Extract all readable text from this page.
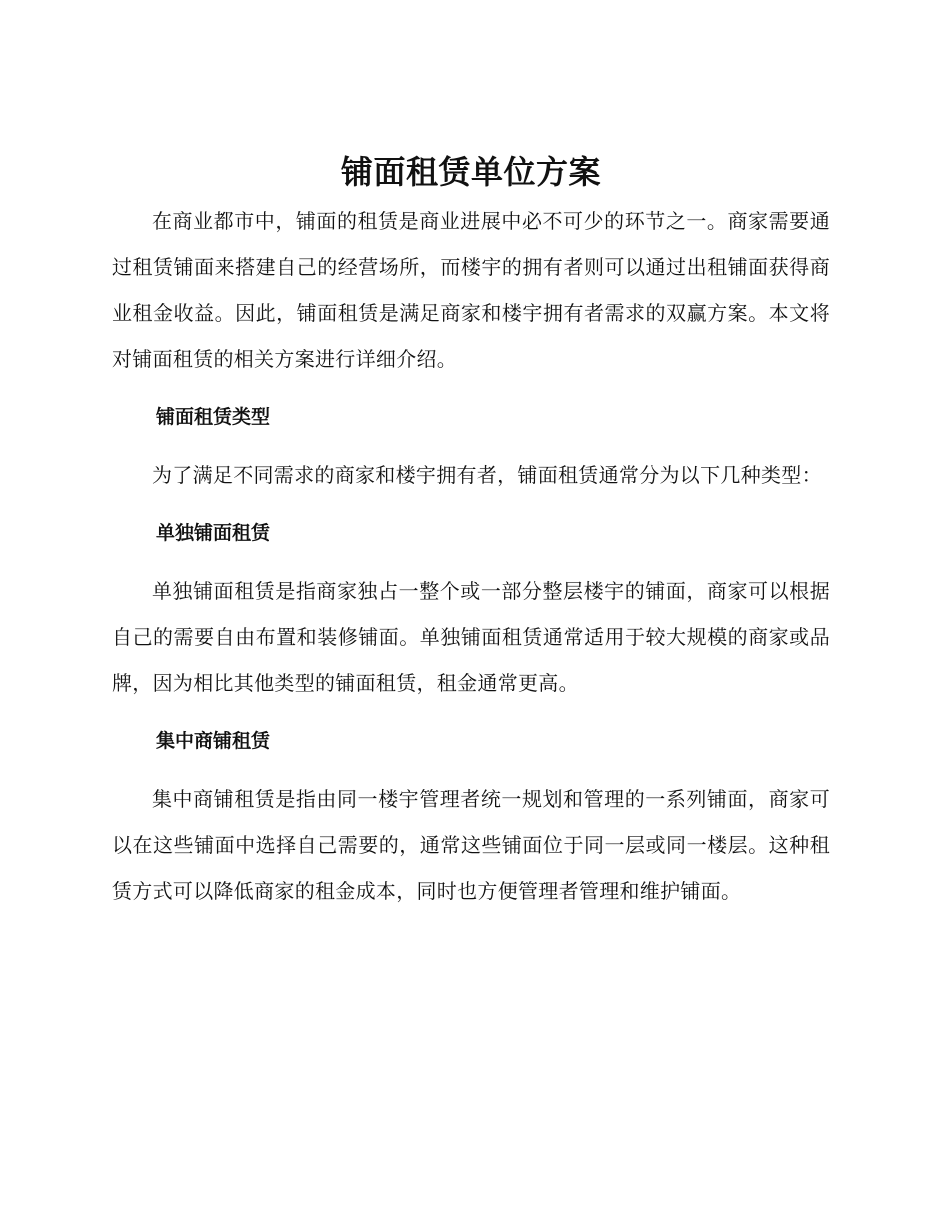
铺面租赁单位方案

在商业都市中，铺面的租赁是商业进展中必不可少的环节之一。商家需要通过租赁铺面来搭建自己的经营场所，而楼宇的拥有者则可以通过出租铺面获得商业租金收益。因此，铺面租赁是满足商家和楼宇拥有者需求的双赢方案。本文将对铺面租赁的相关方案进行详细介绍。

铺面租赁类型

为了满足不同需求的商家和楼宇拥有者，铺面租赁通常分为以下几种类型：

单独铺面租赁

单独铺面租赁是指商家独占一整个或一部分整层楼宇的铺面，商家可以根据自己的需要自由布置和装修铺面。单独铺面租赁通常适用于较大规模的商家或品牌，因为相比其他类型的铺面租赁，租金通常更高。

集中商铺租赁

集中商铺租赁是指由同一楼宇管理者统一规划和管理的一系列铺面，商家可以在这些铺面中选择自己需要的，通常这些铺面位于同一层或同一楼层。这种租赁方式可以降低商家的租金成本，同时也方便管理者管理和维护铺面。
